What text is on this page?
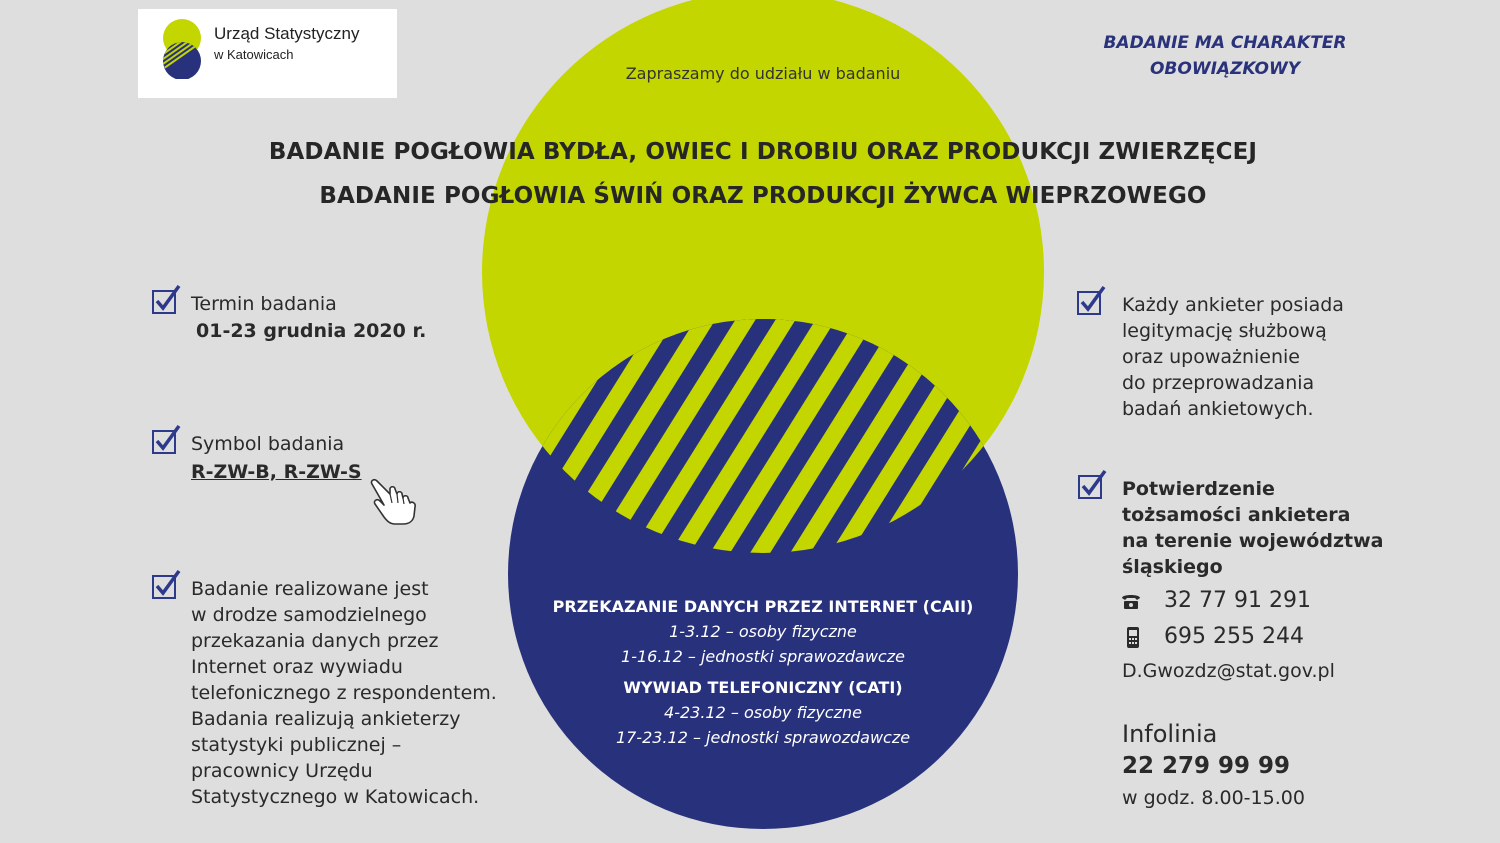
Urząd Statystyczny
w Katowicach
BADANIE MA CHARAKTER
OBOWIĄZKOWY
Zapraszamy do udziału w badaniu
BADANIE POGŁOWIA BYDŁA, OWIEC I DROBIU ORAZ PRODUKCJI ZWIERZĘCEJ
BADANIE POGŁOWIA ŚWIŃ ORAZ PRODUKCJI ŻYWCA WIEPRZOWEGO
Termin badania
01-23 grudnia 2020 r.
Symbol badania
R-ZW-B, R-ZW-S
Badanie realizowane jest
w drodze samodzielnego
przekazania danych przez
Internet oraz wywiadu
telefonicznego z respondentem.
Badania realizują ankieterzy
statystyki publicznej –
pracownicy Urzędu
Statystycznego w Katowicach.
PRZEKAZANIE DANYCH PRZEZ INTERNET (CAII)
1-3.12 – osoby fizyczne
1-16.12 – jednostki sprawozdawcze
WYWIAD TELEFONICZNY (CATI)
4-23.12 – osoby fizyczne
17-23.12 – jednostki sprawozdawcze
Każdy ankieter posiada
legitymację służbową
oraz upoważnienie
do przeprowadzania
badań ankietowych.
Potwierdzenie
tożsamości ankietera
na terenie województwa
śląskiego
32 77 91 291
695 255 244
D.Gwozdz@stat.gov.pl
Infolinia
22 279 99 99
w godz. 8.00-15.00
